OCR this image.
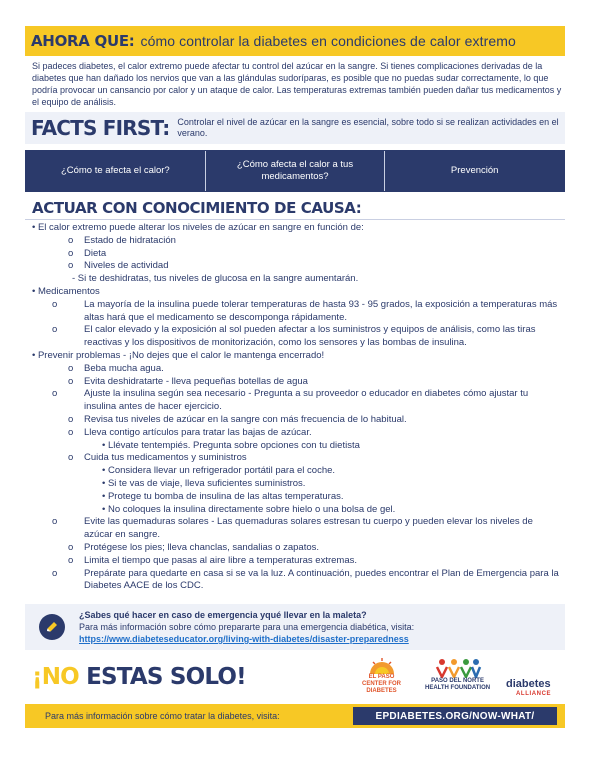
AHORA QUE: cómo controlar la diabetes en condiciones de calor extremo

Si padeces diabetes, el calor extremo puede afectar tu control del azúcar en la sangre. Si tienes complicaciones derivadas de la diabetes que han dañado los nervios que van a las glándulas sudoríparas, es posible que no puedas sudar correctamente, lo que podría provocar un cansancio por calor y un ataque de calor. Las temperaturas extremas también pueden dañar tus medicamentos y el equipo de análisis.

FACTS FIRST: Controlar el nivel de azúcar en la sangre es esencial, sobre todo si se realizan actividades en el verano.
¿Cómo te afecta el calor?
¿Cómo afecta el calor a tus medicamentos?
Prevención
ACTUAR CON CONOCIMIENTO DE CAUSA:
• El calor extremo puede alterar los niveles de azúcar en sangre en función de:
o Estado de hidratación
o Dieta
o Niveles de actividad
- Si te deshidratas, tus niveles de glucosa en la sangre aumentarán.
• Medicamentos
o	La mayoría de la insulina puede tolerar temperaturas de hasta 93 - 95 grados, la exposición a temperaturas más altas hará que el medicamento se descomponga rápidamente.
o	El calor elevado y la exposición al sol pueden afectar a los suministros y equipos de análisis, como las tiras reactivas y los dispositivos de monitorización, como los sensores y las bombas de insulina.
• Prevenir problemas - ¡No dejes que el calor le mantenga encerrado!
o Beba mucha agua.
o Evita deshidratarte - lleva pequeñas botellas de agua
o	Ajuste la insulina según sea necesario - Pregunta a su proveedor o educador en diabetes cómo ajustar tu insulina antes de hacer ejercicio.
o Revisa tus niveles de azúcar en la sangre con más frecuencia de lo habitual.
o Lleva contigo artículos para tratar las bajas de azúcar.
• Llévate tentempiés. Pregunta sobre opciones con tu dietista
o Cuida tus medicamentos y suministros
• Considera llevar un refrigerador portátil para el coche.
• Si te vas de viaje, lleva suficientes suministros.
• Protege tu bomba de insulina de las altas temperaturas.
• No coloques la insulina directamente sobre hielo o una bolsa de gel.
o	Evite las quemaduras solares - Las quemaduras solares estresan tu cuerpo y pueden elevar los niveles de azúcar en sangre.
o Protégese los pies; lleva chanclas, sandalias o zapatos.
o Limita el tiempo que pasas al aire libre a temperaturas extremas.
o	Prepárate para quedarte en casa si se va la luz. A continuación, puedes encontrar el Plan de Emergencia para la Diabetes AACE de los CDC.
¿Sabes qué hacer en caso de emergencia yqué llevar en la maleta?
Para más información sobre cómo prepararte para una emergencia diabética, visita:
https://www.diabeteseducator.org/living-with-diabetes/disaster-preparedness
¡NO ESTAS SOLO!	EL PASO
CENTER FOR
DIABETES
PASO DEL NORTE
HEALTH FOUNDATION diabetes
ALLIANCE
Para más información sobre cómo tratar la diabetes, visita:	EPDIABETES.ORG/NOW-WHAT/
